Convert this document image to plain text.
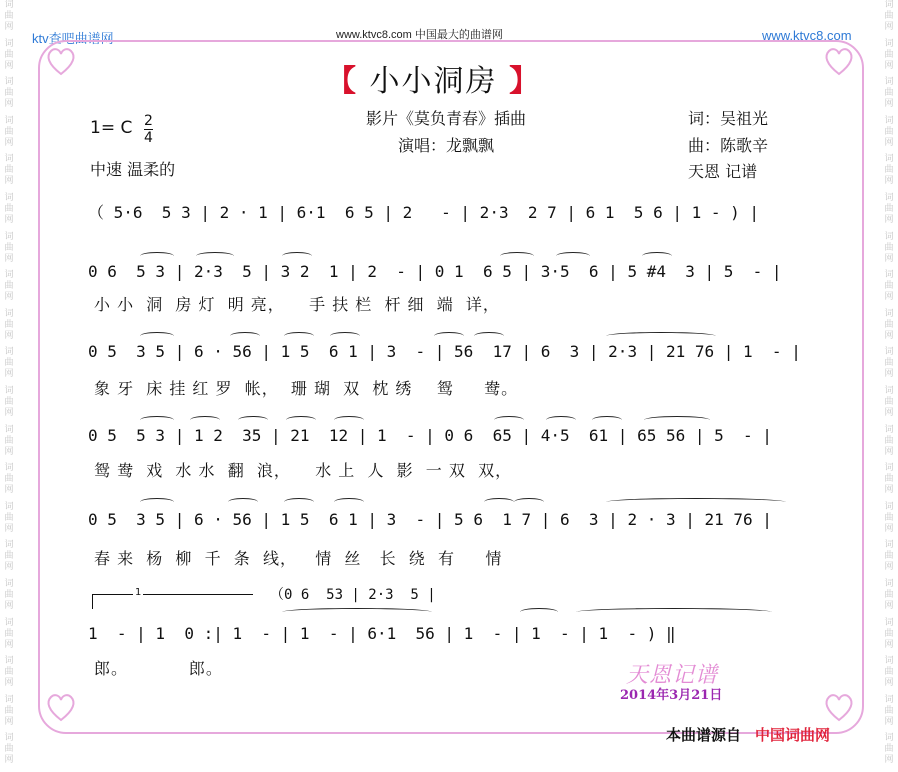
词
曲
网
词
曲
网
词
曲
网
词
曲
网
词
曲
网
词
曲
网
词
曲
网
词
曲
网
词
曲
网
词
曲
网
词
曲
网
词
曲
网
词
曲
网
词
曲
网
词
曲
网
词
曲
网
词
曲
网
词
曲
网
词
曲
网
词
曲
网
词
曲
网
词
曲
网
词
曲
网
词
曲
网
词
曲
网
词
曲
网
词
曲
网
词
曲
网
词
曲
网
词
曲
网
词
曲
网
词
曲
网
词
曲
网
词
曲
网
词
曲
网
词
曲
网
词
曲
网
词
曲
网
词
曲
网
词
曲
网
ktv查吧曲谱网	www.ktvc8.com 中国最大的曲谱网	www.ktvc8.com
【 小小洞房 】
1= C 2
4
中速 温柔的
影片《莫负青春》插曲
演唱：龙飘飘
词：吴祖光
曲：陈歌辛
天恩 记谱
（ 5·6  5 3 | 2 · 1 | 6·1  6 5 | 2   - | 2·3  2 7 | 6 1  5 6 | 1 - ) |
0 6  5 3 | 2·3  5 | 3 2  1 | 2  - | 0 1  6 5 | 3·5  6 | 5 #4  3 | 5  - |
小 小  洞  房 灯  明 亮，    手 扶 栏  杆 细  端  详，
0 5  3 5 | 6 · 56 | 1 5  6 1 | 3  - | 56  17 | 6  3 | 2·3 | 21 76 | 1  - |
象 牙  床 挂 红 罗  帐，  珊 瑚  双  枕 绣    鸳     鸯。
0 5  5 3 | 1 2  35 | 21  12 | 1  - | 0 6  65 | 4·5  61 | 65 56 | 5  - |
鸳 鸯  戏  水 水  翻  浪，    水 上  人  影  一 双  双，
0 5  3 5 | 6 · 56 | 1 5  6 1 | 3  - | 5 6  1 7 | 6  3 | 2 · 3 | 21 76 |
春 来  杨  柳  千  条  线，   情  丝   长  绕  有     情
1	（0 6  53 | 2·3  5 |
1  - | 1  0 :| 1  - | 1  - | 6·1  56 | 1  - | 1  - | 1  - ) ‖
郎。          郎。	天恩记谱
2014年3月21日
本曲谱源自 中国词曲网
